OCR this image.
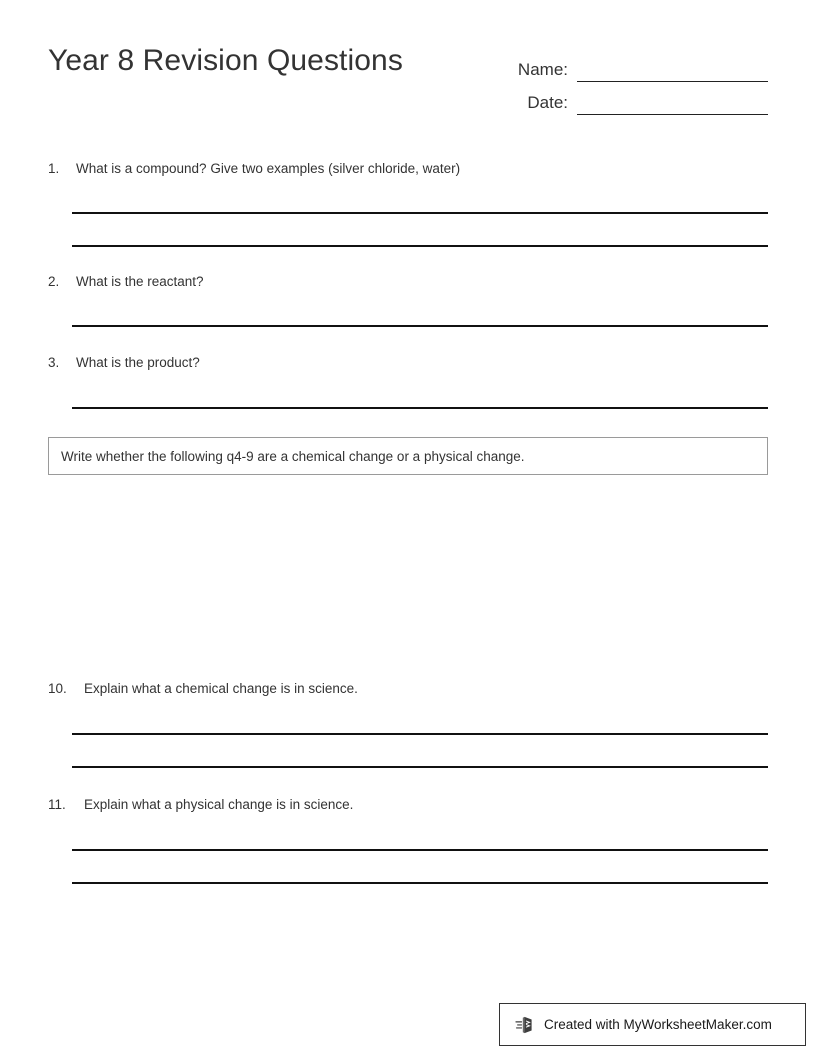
Year 8 Revision Questions	Name:
Date:
1.	What is a compound? Give two examples (silver chloride, water)
2.	What is the reactant?
3.	What is the product?
Write whether the following q4-9 are a chemical change or a physical change.
10.	Explain what a chemical change is in science.
11.	Explain what a physical change is in science.
Created with MyWorksheetMaker.com
